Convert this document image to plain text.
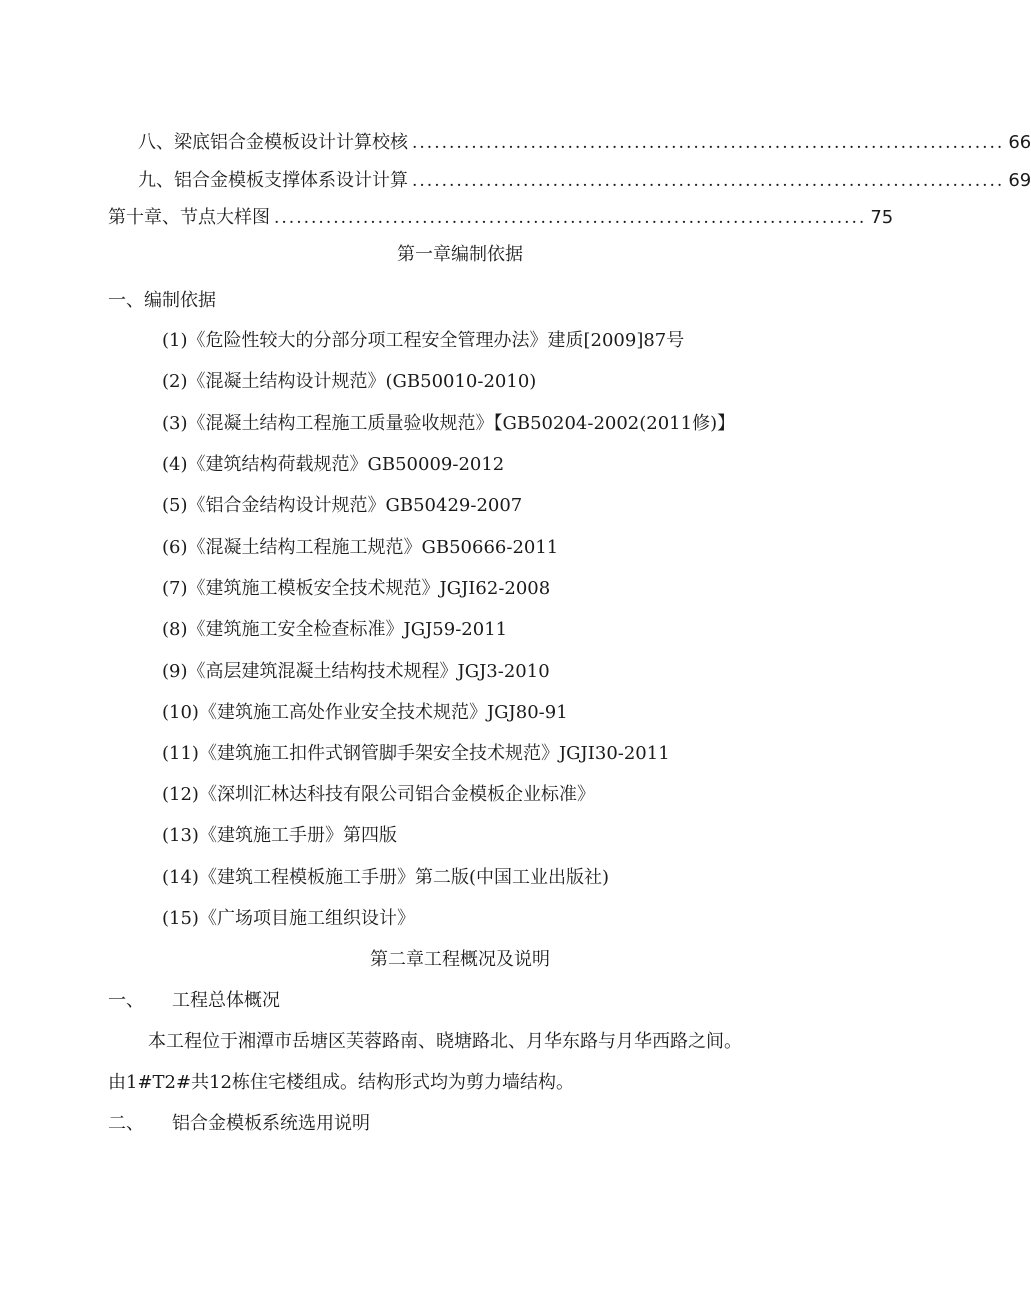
八、梁底铝合金模板设计计算校核 ................................................................................ 66
九、铝合金模板支撑体系设计计算 ................................................................................ 69
第十章、节点大样图 ................................................................................ 75
第一章编制依据
一、编制依据
(1)《危险性较大的分部分项工程安全管理办法》建质[2009]87号
(2)《混凝土结构设计规范》(GB50010-2010)
(3)《混凝土结构工程施工质量验收规范》【GB50204-2002(2011修)】
(4)《建筑结构荷载规范》GB50009-2012
(5)《铝合金结构设计规范》GB50429-2007
(6)《混凝土结构工程施工规范》GB50666-2011
(7)《建筑施工模板安全技术规范》JGJI62-2008
(8)《建筑施工安全检查标准》JGJ59-2011
(9)《高层建筑混凝土结构技术规程》JGJ3-2010
(10)《建筑施工高处作业安全技术规范》JGJ80-91
(11)《建筑施工扣件式钢管脚手架安全技术规范》JGJI30-2011
(12)《深圳汇林达科技有限公司铝合金模板企业标准》
(13)《建筑施工手册》第四版
(14)《建筑工程模板施工手册》第二版(中国工业出版社)
(15)《广场项目施工组织设计》
第二章工程概况及说明
一、 工程总体概况
本工程位于湘潭市岳塘区芙蓉路南、晓塘路北、月华东路与月华西路之间。
由1#T2#共12栋住宅楼组成。结构形式均为剪力墙结构。
二、 铝合金模板系统选用说明
